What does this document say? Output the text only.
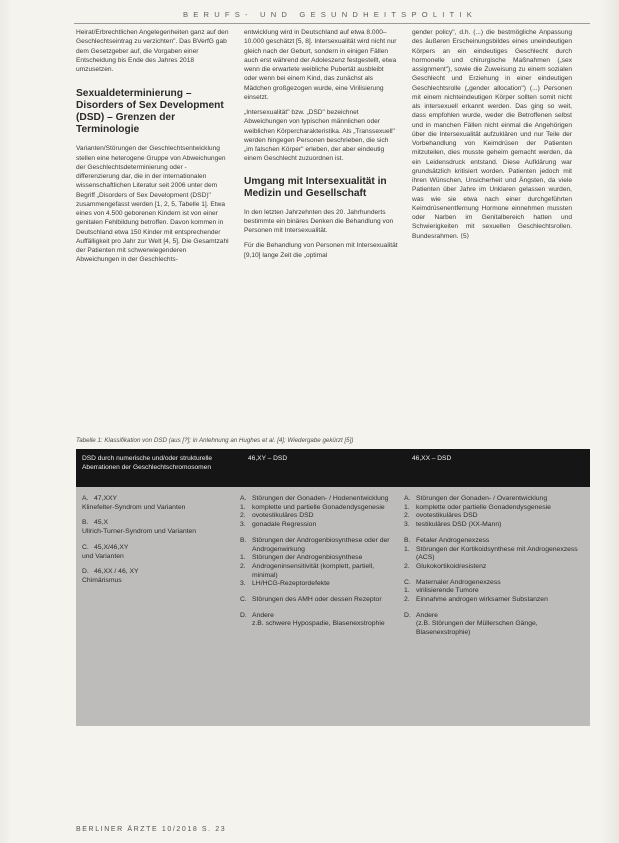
BERUFS- UND GESUNDHEITSPOLITIK

Heirat/Erbrechtlichen Angelegenheiten ganz auf den Geschlechtseintrag zu verzichten". Das BVerfG gab dem Gesetzgeber auf, die Vorgaben einer Entscheidung bis Ende des Jahres 2018 umzusetzen.

Sexualdeterminierung – Disorders of Sex Development (DSD) – Grenzen der Terminologie

Varianten/Störungen der Geschlechtsentwicklung stellen eine heterogene Gruppe von Abweichungen der Geschlechtsdeterminierung oder -differenzierung dar, die in der internationalen wissenschaftlichen Literatur seit 2006 unter dem Begriff „Disorders of Sex Development (DSD)" zusammengefasst werden [1, 2, 5, Tabelle 1]. Etwa eines von 4.500 geborenen Kindern ist von einer genitalen Fehlbildung betroffen. Davon kommen in Deutschland etwa 150 Kinder mit entsprechender Auffälligkeit pro Jahr zur Welt [4, 5]. Die Gesamtzahl der Patienten mit schwerwiegenderen Abweichungen in der Geschlechts-

entwicklung wird in Deutschland auf etwa 8.000–10.000 geschätzt [5, 8]. Intersexualität wird nicht nur gleich nach der Geburt, sondern in einigen Fällen auch erst während der Adoleszenz festgestellt, etwa wenn die erwartete weibliche Pubertät ausbleibt oder wenn bei einem Kind, das zunächst als Mädchen großgezogen wurde, eine Virilisierung einsetzt.

„Intersexualität" bzw. „DSD" bezeichnet Abweichungen von typischen männlichen oder weiblichen Körpercharakteristika. Als „Transsexuell" werden hingegen Personen beschrieben, die sich „im falschen Körper" erleben, der aber eindeutig einem Geschlecht zuzuordnen ist.

Umgang mit Intersexualität in Medizin und Gesellschaft

In den letzten Jahrzehnten des 20. Jahrhunderts bestimmte ein binäres Denken die Behandlung von Personen mit Intersexualität.

Für die Behandlung von Personen mit Intersexualität [9,10] lange Zeit die „optimal

gender policy", d.h. (...) die bestmögliche Anpassung des äußeren Erscheinungsbildes eines uneindeutigen Körpers an ein eindeutiges Geschlecht durch hormonelle und chirurgische Maßnahmen („sex assignment"), sowie die Zuweisung zu einem sozialen Geschlecht und Erziehung in einer eindeutigen Geschlechtsrolle („gender allocation") (...) Personen mit einem nichteindeutigen Körper sollten somit nicht als intersexuell erkannt werden. Das ging so weit, dass empfohlen wurde, weder die Betroffenen selbst und in manchen Fällen nicht einmal die Angehörigen über die Intersexualität aufzuklären und nur Teile der Vorbehandlung von Keimdrüsen der Patienten mitzuteilen, dies musste geheim gemacht werden, da ein Leidensdruck entstand. Diese Aufklärung war grundsätzlich kritisiert worden. Patienten jedoch mit ihren Wünschen, Unsicherheit und Ängsten, da viele Patienten über Jahre im Unklaren gelassen wurden, was wie sie etwa nach einer durchgeführten Keimdrüsenentfernung Hormone einnehmen mussten oder Narben im Genitalbereich hatten und Schwierigkeiten mit sexuellen Geschlechtsrollen. Bundesrahmen. ⟨5⟩

Tabelle 1: Klassifikation von DSD (aus [?]; in Anlehnung an Hughes et al. [4]; Wiedergabe gekürzt [5])
DSD durch numerische und/oder strukturelle Aberrationen der Geschlechtschromosomen
46,XY – DSD	46,XX – DSD
A. 47,XXY
Klinefelter-Syndrom und Varianten
B. 45,X
Ullrich-Turner-Syndrom und Varianten
C. 45,X/46,XY
und Varianten
D. 46,XX / 46, XY
Chimärismus
A. Störungen der Gonaden- / Hodenentwicklung
1. komplette und partielle Gonadendysgenesie
2. ovotestikuläres DSD
3. gonadale Regression
B. Störungen der Androgenbiosynthese oder der Androgenwirkung
1. Störungen der Androgenbiosynthese
2. Androgeninsensitivität (komplett, partiell, minimal)
3. LH/HCG-Rezeptordefekte
C. Störungen des AMH oder dessen Rezeptor
D. Andere
z.B. schwere Hypospadie, Blasenexstrophie
A. Störungen der Gonaden- / Ovarentwicklung
1. komplette oder partielle Gonadendysgenesie
2. ovotestikuläres DSD
3. testikuläres DSD (XX-Mann)
B. Fetaler Androgenexzess
1. Störungen der Kortikoidsynthese mit Androgenexzess (ACS)
2. Glukokortikoidresistenz
C. Maternaler Androgenexzess
1. virilisierende Tumore
2. Einnahme androgen wirksamer Substanzen
D. Andere
(z.B. Störungen der Müllerschen Gänge, Blasenexstrophie)
BERLINER ÄRZTE 10/2018 S. 23
